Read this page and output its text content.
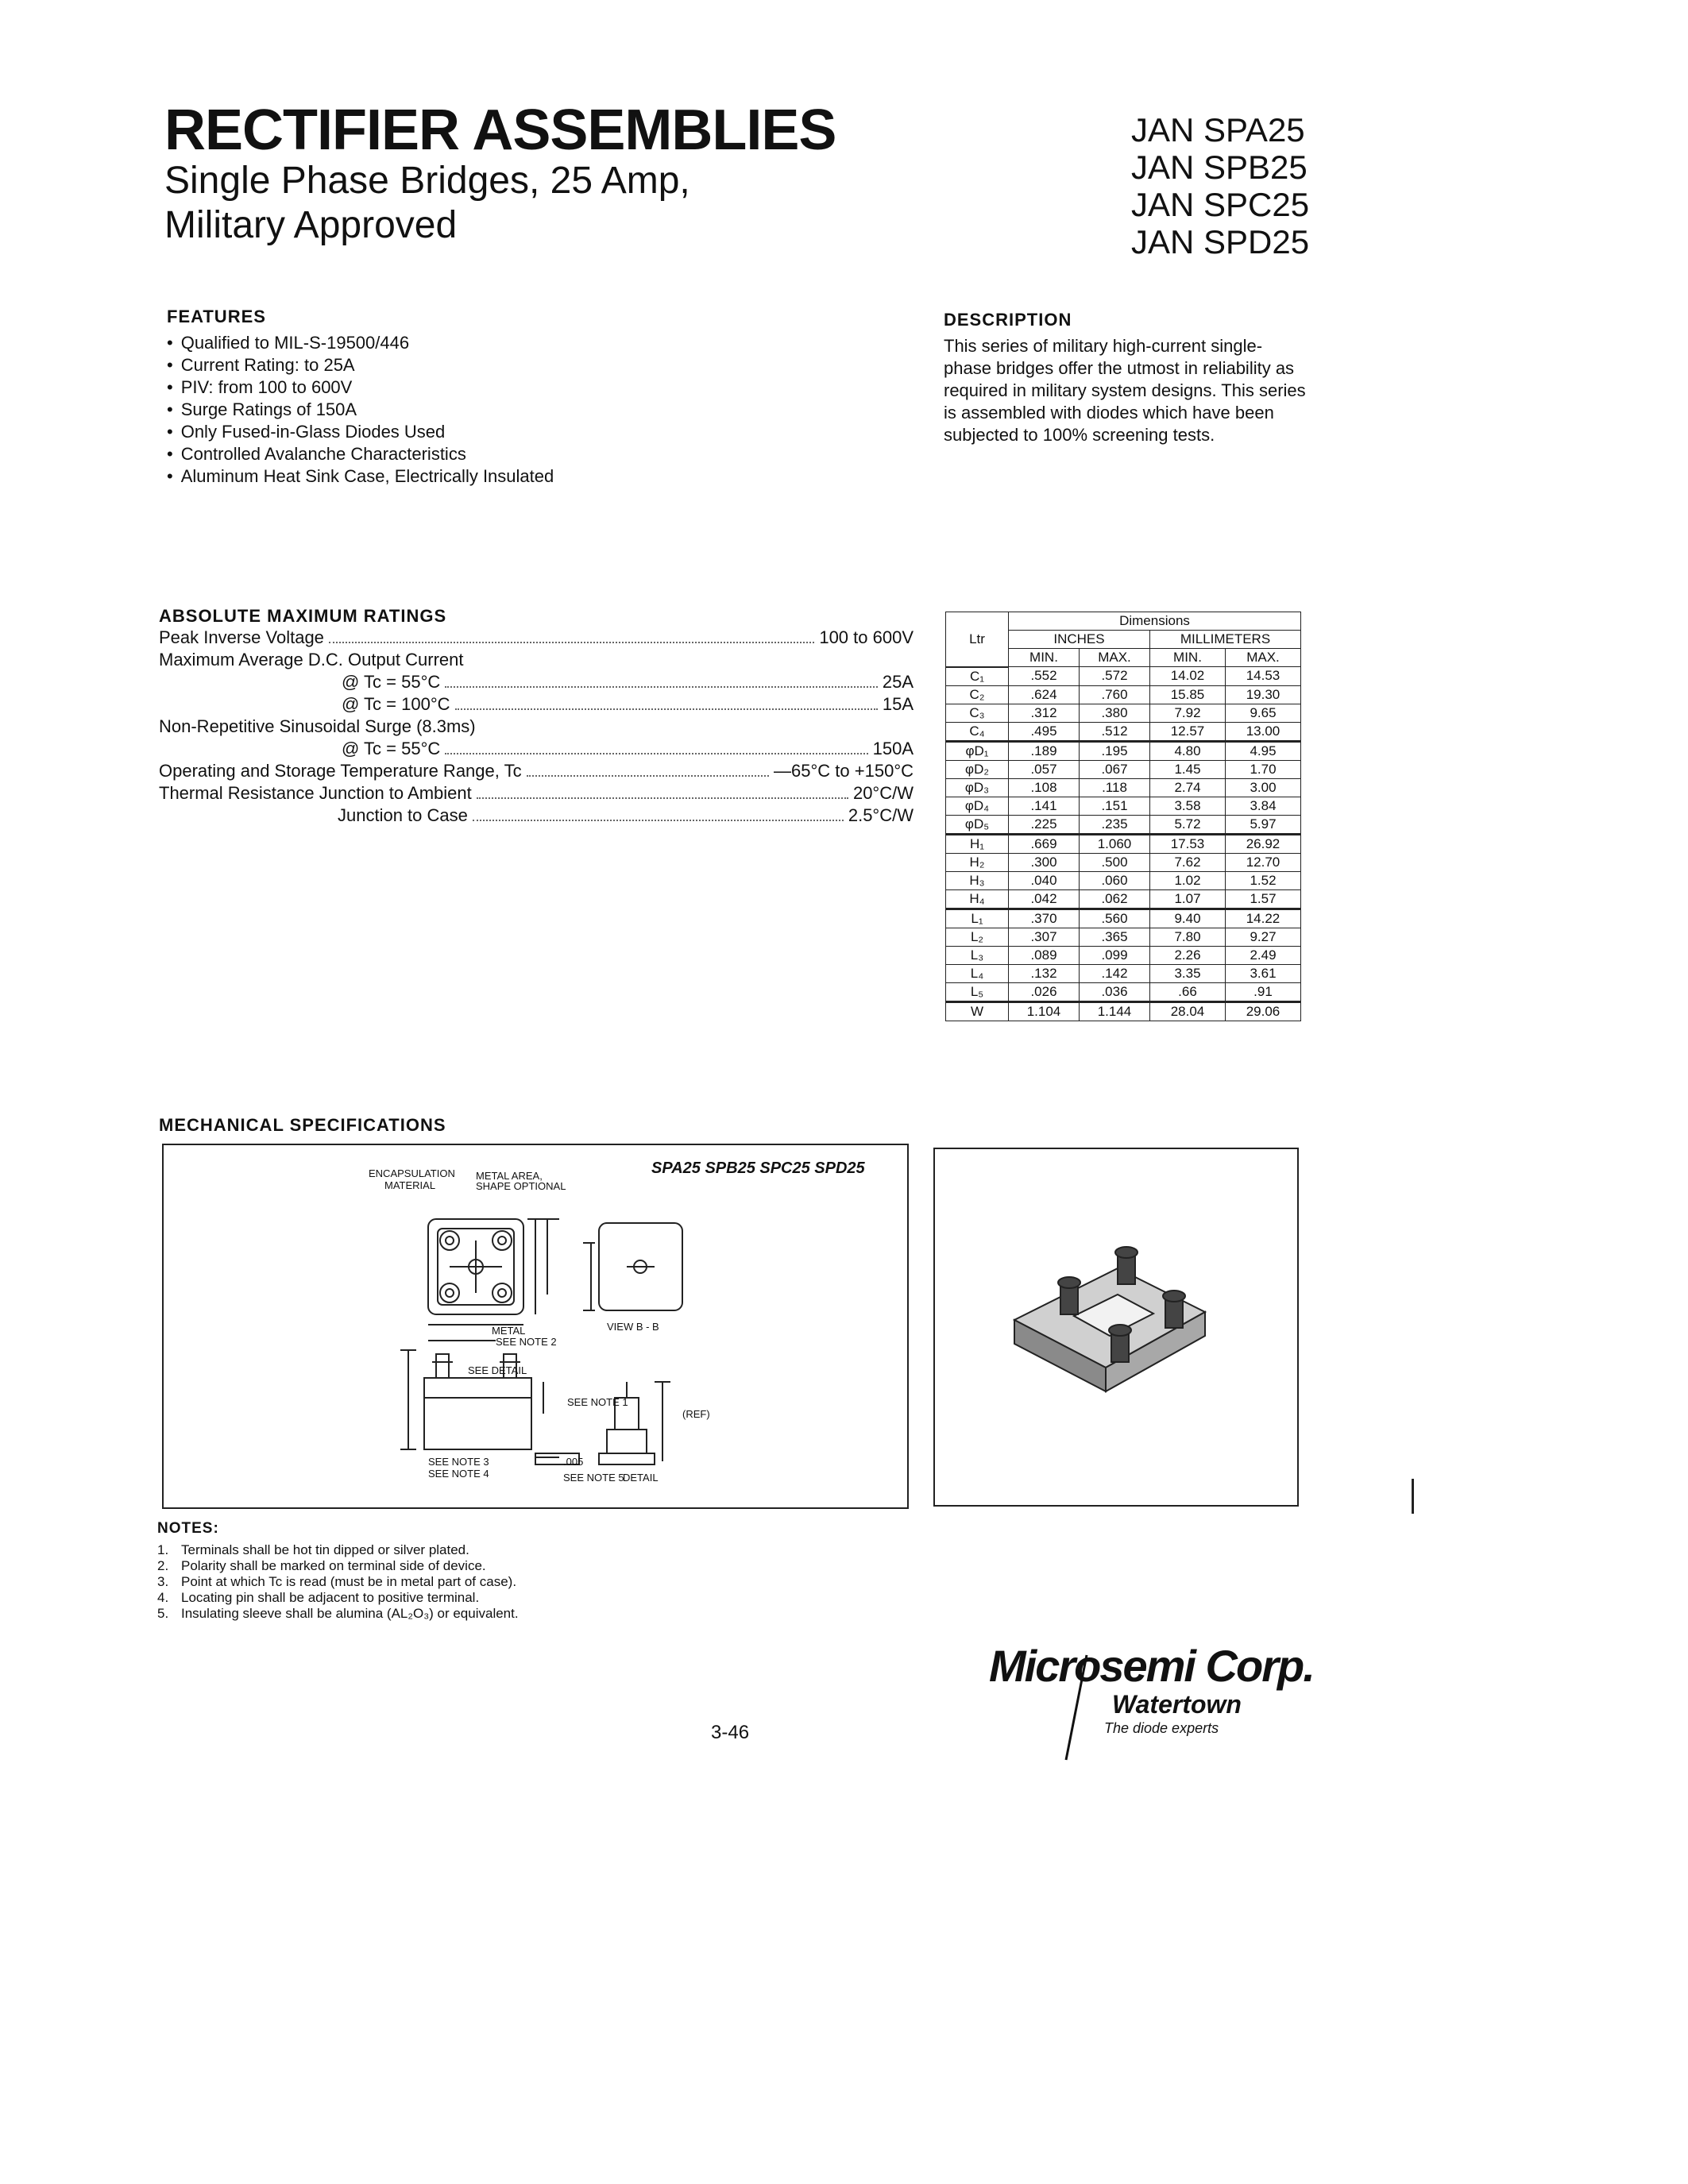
RECTIFIER ASSEMBLIES
Single Phase Bridges, 25 Amp,
Military Approved
JAN SPA25
JAN SPB25
JAN SPC25
JAN SPD25
FEATURES
• Qualified to MIL-S-19500/446
• Current Rating: to 25A
• PIV: from 100 to 600V
• Surge Ratings of 150A
• Only Fused-in-Glass Diodes Used
• Controlled Avalanche Characteristics
• Aluminum Heat Sink Case, Electrically Insulated
DESCRIPTION

This series of military high-current single-phase bridges offer the utmost in reliability as required in military system designs. This series is assembled with diodes which have been subjected to 100% screening tests.

ABSOLUTE MAXIMUM RATINGS
Peak Inverse Voltage	100 to 600V
Maximum Average D.C. Output Current
@ Tc = 55°C	25A
@ Tc = 100°C	15A
Non-Repetitive Sinusoidal Surge (8.3ms)
@ Tc = 55°C	150A
Operating and Storage Temperature Range, Tc	—65°C to +150°C
Thermal Resistance Junction to Ambient	20°C/W
Junction to Case	2.5°C/W
Ltr	Dimensions			
	INCHES		MILLIMETERS	
	MIN.	MAX.	MIN.	MAX.
C₁	.552	.572	14.02	14.53
C₂	.624	.760	15.85	19.30
C₃	.312	.380	7.92	9.65
C₄	.495	.512	12.57	13.00
φD₁	.189	.195	4.80	4.95
φD₂	.057	.067	1.45	1.70
φD₃	.108	.118	2.74	3.00
φD₄	.141	.151	3.58	3.84
φD₅	.225	.235	5.72	5.97
H₁	.669	1.060	17.53	26.92
H₂	.300	.500	7.62	12.70
H₃	.040	.060	1.02	1.52
H₄	.042	.062	1.07	1.57
L₁	.370	.560	9.40	14.22
L₂	.307	.365	7.80	9.27
L₃	.089	.099	2.26	2.49
L₄	.132	.142	3.35	3.61
L₅	.026	.036	.66	.91
W	1.104	1.144	28.04	29.06
MECHANICAL SPECIFICATIONS
SPA25 SPB25 SPC25 SPD25
ENCAPSULATION
MATERIAL
METAL AREA,
SHAPE OPTIONAL
METAL
SEE NOTE 2
VIEW B - B
SEE DETAIL
SEE NOTE 1
(REF)
SEE NOTE 3
SEE NOTE 4
.005
SEE NOTE 5
DETAIL
NOTES:
1. Terminals shall be hot tin dipped or silver plated.
2. Polarity shall be marked on terminal side of device.
3. Point at which Tc is read (must be in metal part of case).
4. Locating pin shall be adjacent to positive terminal.
5. Insulating sleeve shall be alumina (AL₂O₃) or equivalent.
3-46
Microsemi Corp.
Watertown
The diode experts
